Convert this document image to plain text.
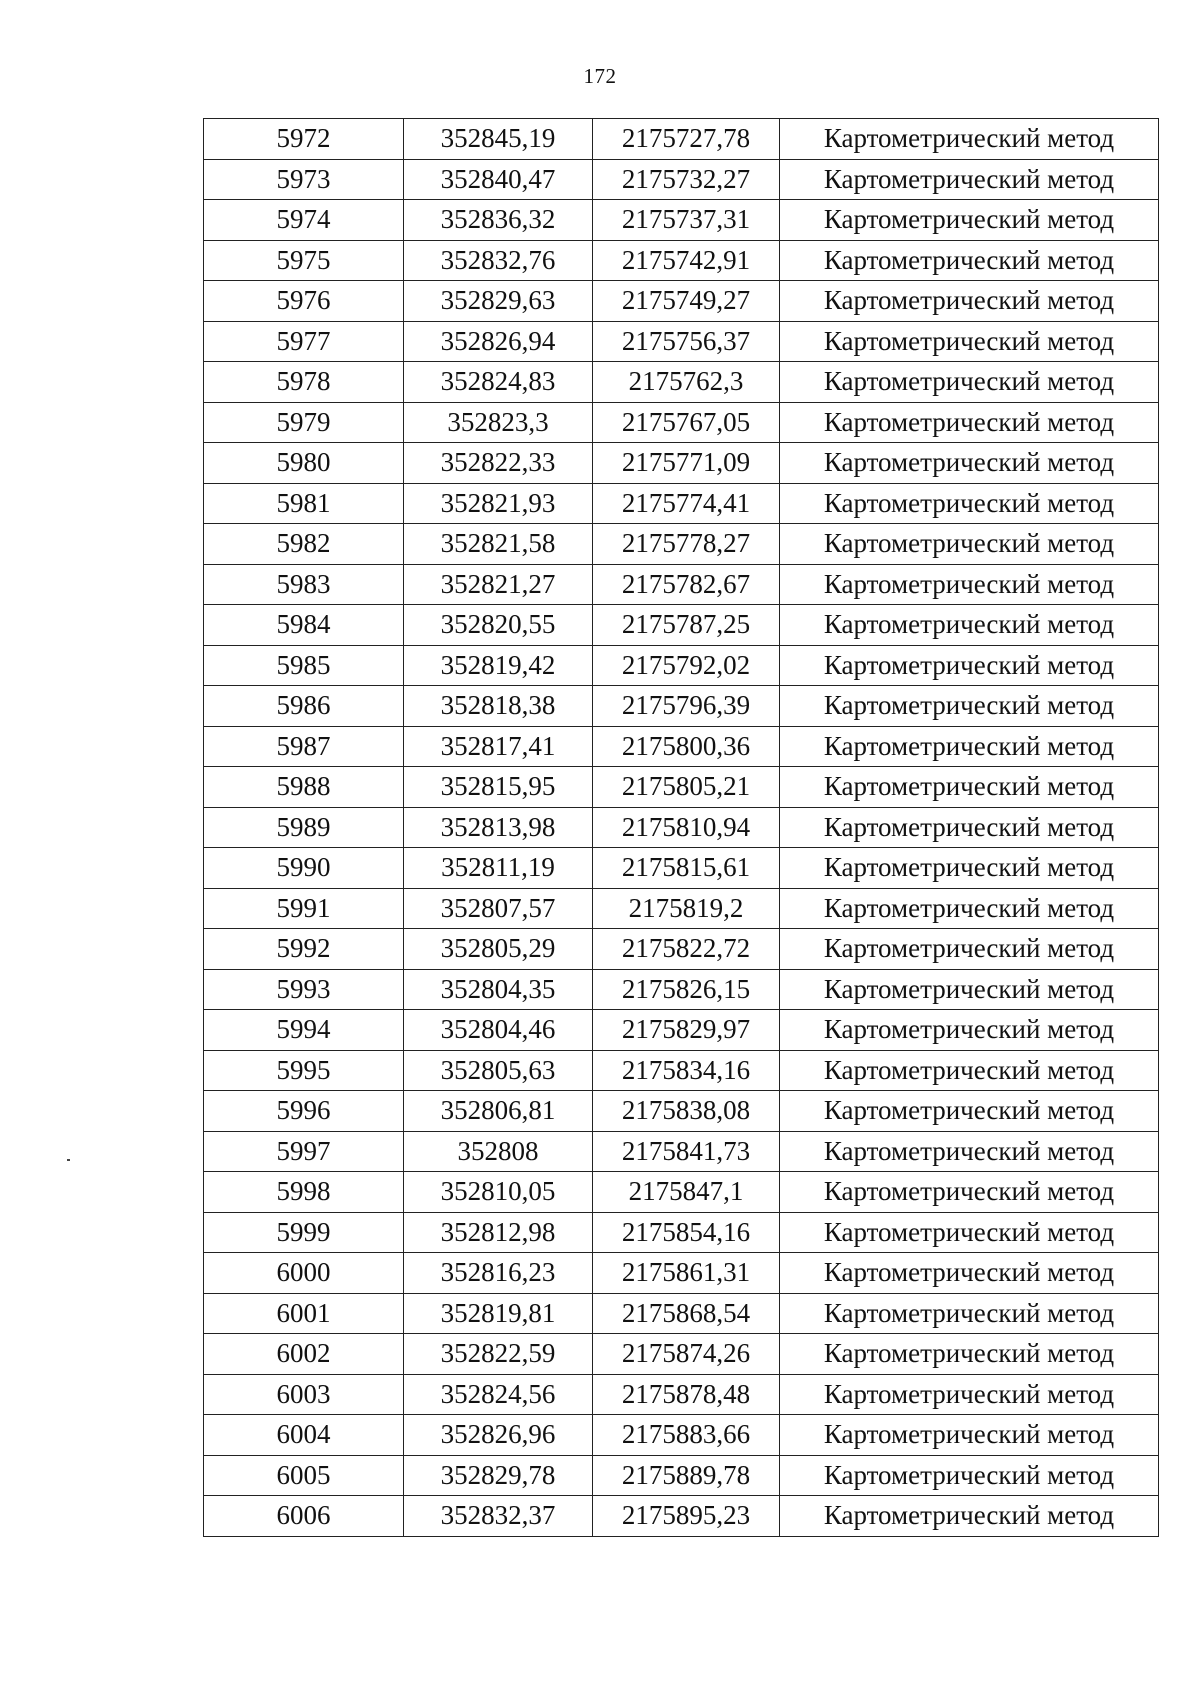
172
5972	352845,19	2175727,78	Картометрический метод
5973	352840,47	2175732,27	Картометрический метод
5974	352836,32	2175737,31	Картометрический метод
5975	352832,76	2175742,91	Картометрический метод
5976	352829,63	2175749,27	Картометрический метод
5977	352826,94	2175756,37	Картометрический метод
5978	352824,83	2175762,3	Картометрический метод
5979	352823,3	2175767,05	Картометрический метод
5980	352822,33	2175771,09	Картометрический метод
5981	352821,93	2175774,41	Картометрический метод
5982	352821,58	2175778,27	Картометрический метод
5983	352821,27	2175782,67	Картометрический метод
5984	352820,55	2175787,25	Картометрический метод
5985	352819,42	2175792,02	Картометрический метод
5986	352818,38	2175796,39	Картометрический метод
5987	352817,41	2175800,36	Картометрический метод
5988	352815,95	2175805,21	Картометрический метод
5989	352813,98	2175810,94	Картометрический метод
5990	352811,19	2175815,61	Картометрический метод
5991	352807,57	2175819,2	Картометрический метод
5992	352805,29	2175822,72	Картометрический метод
5993	352804,35	2175826,15	Картометрический метод
5994	352804,46	2175829,97	Картометрический метод
5995	352805,63	2175834,16	Картометрический метод
5996	352806,81	2175838,08	Картометрический метод
5997	352808	2175841,73	Картометрический метод
5998	352810,05	2175847,1	Картометрический метод
5999	352812,98	2175854,16	Картометрический метод
6000	352816,23	2175861,31	Картометрический метод
6001	352819,81	2175868,54	Картометрический метод
6002	352822,59	2175874,26	Картометрический метод
6003	352824,56	2175878,48	Картометрический метод
6004	352826,96	2175883,66	Картометрический метод
6005	352829,78	2175889,78	Картометрический метод
6006	352832,37	2175895,23	Картометрический метод
